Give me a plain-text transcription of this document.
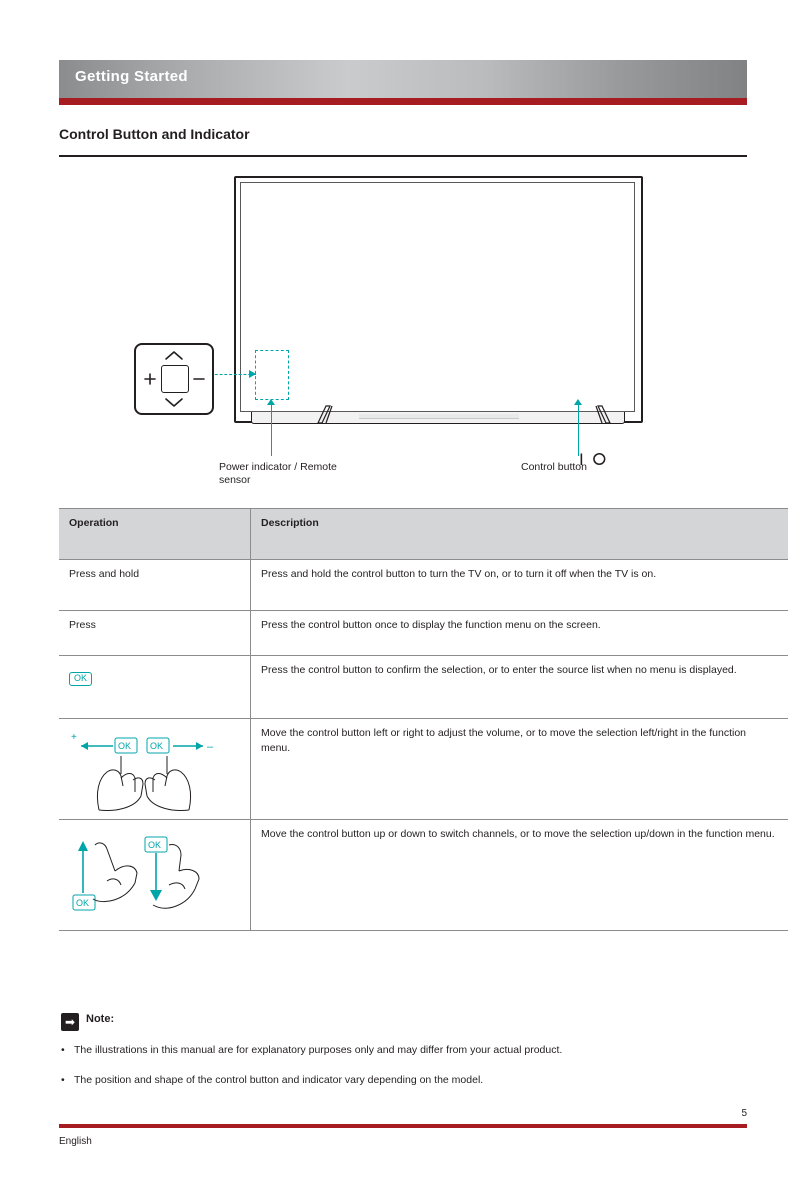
Getting Started
Control Button and Indicator
Power indicator / Remote sensor
Control button
I ⭘
Operation	Description
Press and hold	Press and hold the control button to turn the TV on, or to turn it off when the TV is on.
Press	Press the control button once to display the function menu on the screen.
OK	Press the control button to confirm the selection, or to enter the source list when no menu is displayed.

+
OK OK –	Move the control button left or right to adjust the volume, or to move the selection left/right in the function menu.

OK
OK	Move the control button up or down to switch channels, or to move the selection up/down in the function menu.
➡ Note:
• The illustrations in this manual are for explanatory purposes only and may differ from your actual product.
• The position and shape of the control button and indicator vary depending on the model.
5
English
